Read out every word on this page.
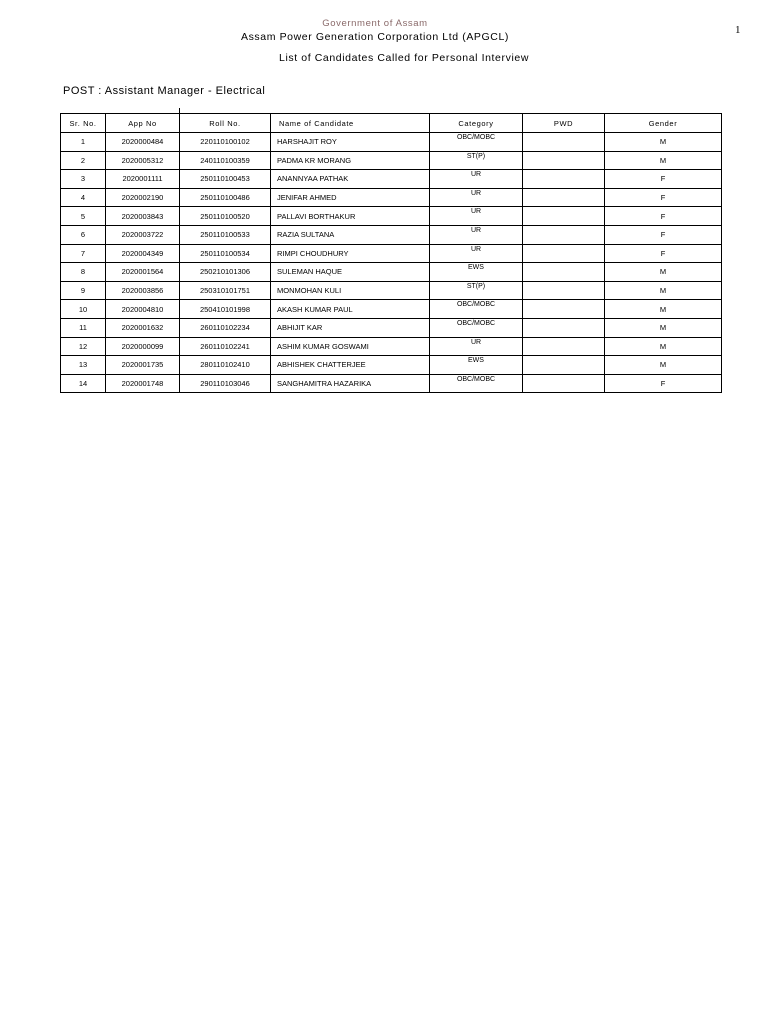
1
Government of Assam
Assam Power Generation Corporation Ltd (APGCL)
List of Candidates Called for Personal Interview
POST : Assistant Manager - Electrical
Sr. No.	App No	Roll No.	Name of Candidate	Category	PWD	Gender
1	2020000484	220110100102	HARSHAJIT ROY	OBC/MOBC		M
2	2020005312	240110100359	PADMA KR MORANG	ST(P)		M
3	2020001111	250110100453	ANANNYAA PATHAK	UR		F
4	2020002190	250110100486	JENIFAR AHMED	UR		F
5	2020003843	250110100520	PALLAVI BORTHAKUR	UR		F
6	2020003722	250110100533	RAZIA SULTANA	UR		F
7	2020004349	250110100534	RIMPI CHOUDHURY	UR		F
8	2020001564	250210101306	SULEMAN HAQUE	EWS		M
9	2020003856	250310101751	MONMOHAN KULI	ST(P)		M
10	2020004810	250410101998	AKASH KUMAR PAUL	OBC/MOBC		M
11	2020001632	260110102234	ABHIJIT KAR	OBC/MOBC		M
12	2020000099	260110102241	ASHIM KUMAR GOSWAMI	UR		M
13	2020001735	280110102410	ABHISHEK CHATTERJEE	EWS		M
14	2020001748	290110103046	SANGHAMITRA HAZARIKA	OBC/MOBC		F
